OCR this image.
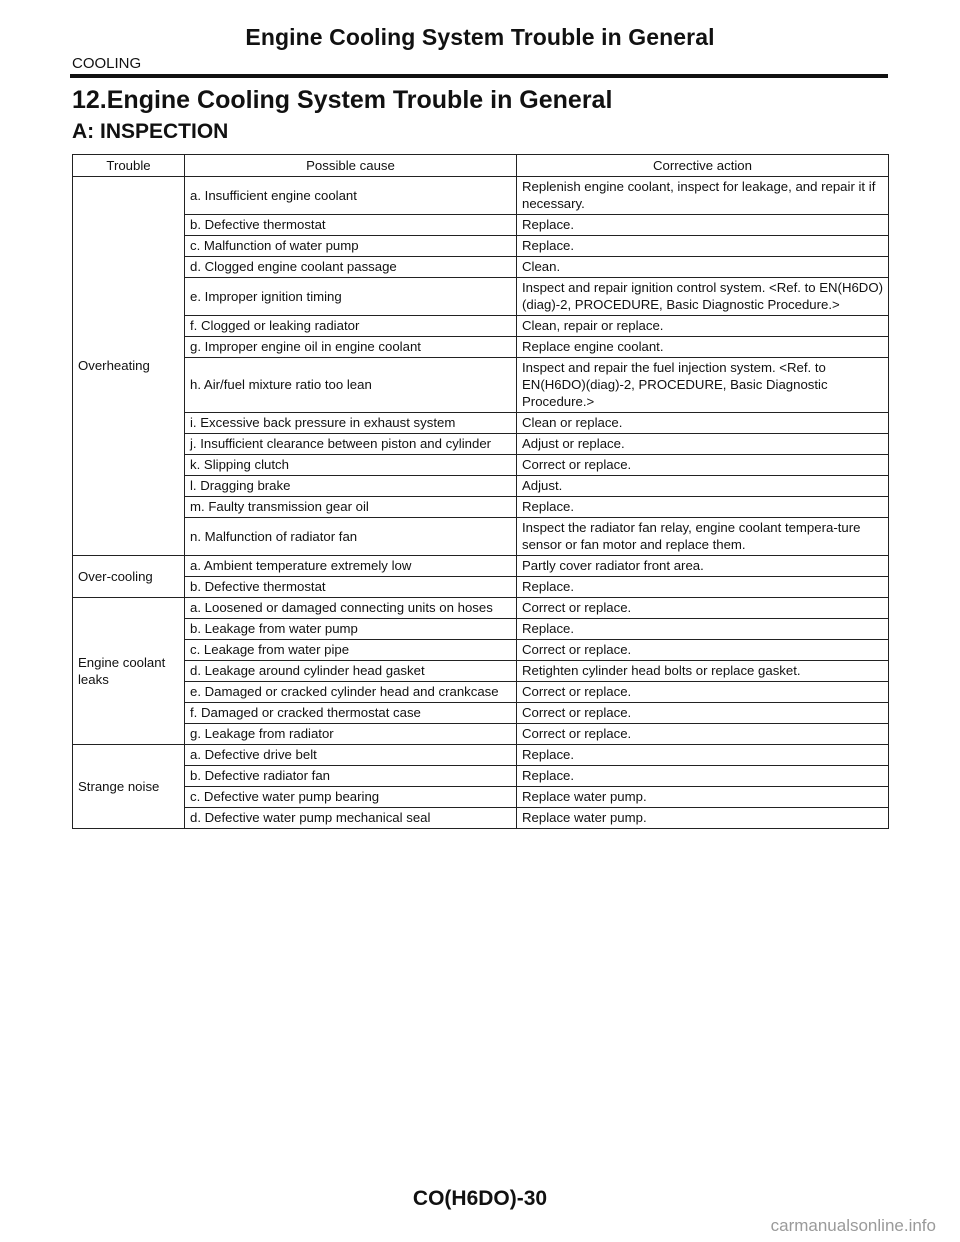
Engine Cooling System Trouble in General
COOLING
12.Engine Cooling System Trouble in General
A: INSPECTION
Trouble	Possible cause	Corrective action
Overheating	a. Insufficient engine coolant	Replenish engine coolant, inspect for leakage, and repair it if necessary.
	b. Defective thermostat	Replace.
	c. Malfunction of water pump	Replace.
	d. Clogged engine coolant passage	Clean.
	e. Improper ignition timing	Inspect and repair ignition control system. <Ref. to EN(H6DO)(diag)-2, PROCEDURE, Basic Diagnostic Procedure.>
	f. Clogged or leaking radiator	Clean, repair or replace.
	g. Improper engine oil in engine coolant	Replace engine coolant.
	h. Air/fuel mixture ratio too lean	Inspect and repair the fuel injection system. <Ref. to EN(H6DO)(diag)-2, PROCEDURE, Basic Diagnostic Procedure.>
	i. Excessive back pressure in exhaust system	Clean or replace.
	j. Insufficient clearance between piston and cylinder	Adjust or replace.
	k. Slipping clutch	Correct or replace.
	l. Dragging brake	Adjust.
	m. Faulty transmission gear oil	Replace.
	n. Malfunction of radiator fan	Inspect the radiator fan relay, engine coolant tempera-ture sensor or fan motor and replace them.
Over-cooling	a. Ambient temperature extremely low	Partly cover radiator front area.
	b. Defective thermostat	Replace.
Engine coolant leaks	a. Loosened or damaged connecting units on hoses	Correct or replace.
	b. Leakage from water pump	Replace.
	c. Leakage from water pipe	Correct or replace.
	d. Leakage around cylinder head gasket	Retighten cylinder head bolts or replace gasket.
	e. Damaged or cracked cylinder head and crankcase	Correct or replace.
	f. Damaged or cracked thermostat case	Correct or replace.
	g. Leakage from radiator	Correct or replace.
Strange noise	a. Defective drive belt	Replace.
	b. Defective radiator fan	Replace.
	c. Defective water pump bearing	Replace water pump.
	d. Defective water pump mechanical seal	Replace water pump.
CO(H6DO)-30
carmanualsonline.info
